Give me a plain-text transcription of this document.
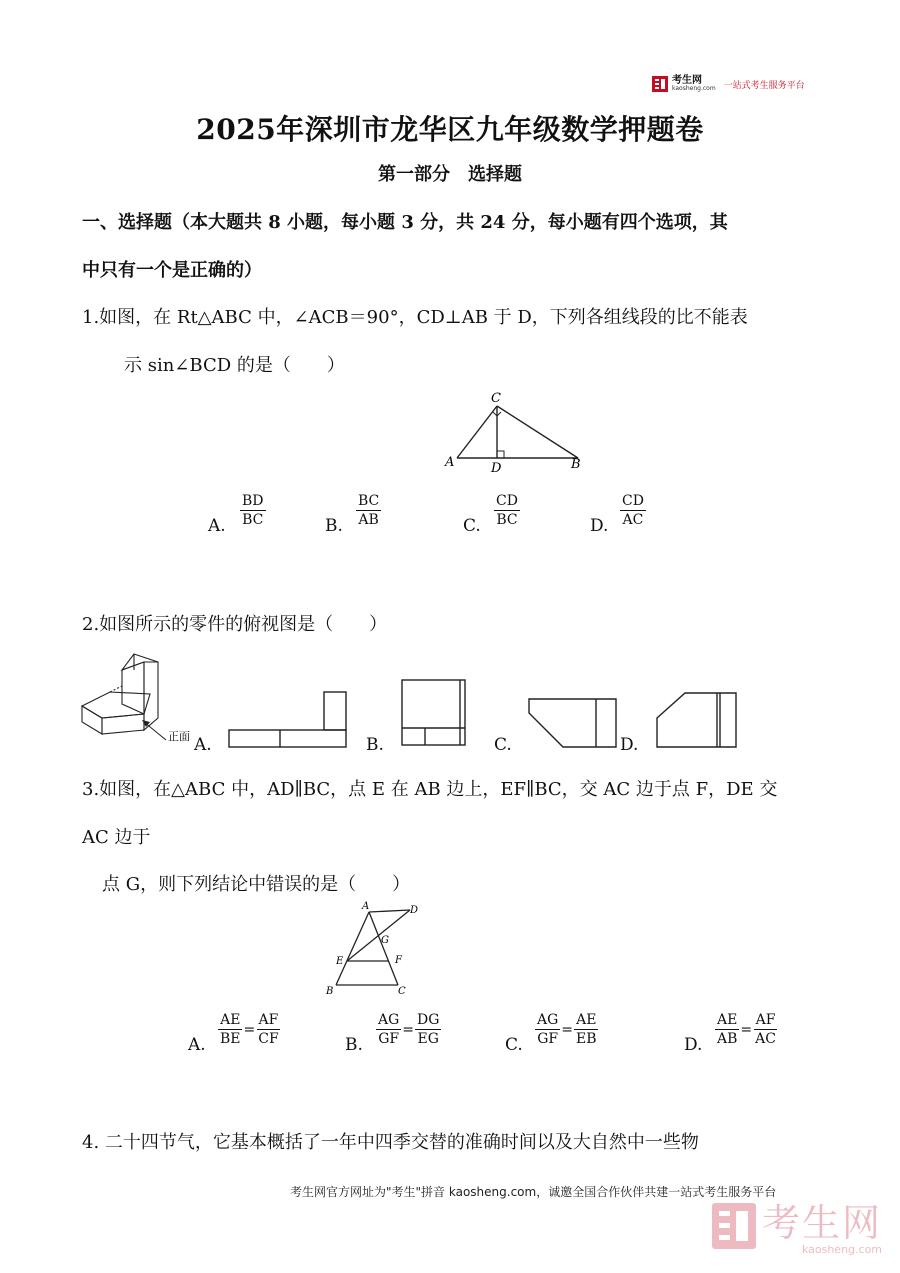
考生网
kaosheng.com 一站式考生服务平台
2025年深圳市龙华区九年级数学押题卷
第一部分　选择题
一、选择题（本大题共 8 小题，每小题 3 分，共 24 分，每小题有四个选项，其
中只有一个是正确的）
1.如图，在 Rt△ABC 中，∠ACB＝90°，CD⊥AB 于 D，下列各组线段的比不能表
示 sin∠BCD 的是（　　）
C
A	D	B
A. $\frac{BD}{BC}$	B. $\frac{BC}{AB}$	C. $\frac{CD}{BC}$	D. $\frac{CD}{AC}$
2.如图所示的零件的俯视图是（　　）
正面 A.	B.	C.	D.
3.如图，在△ABC 中，AD∥BC，点 E 在 AB 边上，EF∥BC，交 AC 边于点 F，DE 交
AC 边于
点 G，则下列结论中错误的是（　　）
A	D
G
E	F
B	C
A. $\frac{AE}{BE} = \frac{AF}{CF}$	B. $\frac{AG}{GF} = \frac{DG}{EG}$	C. $\frac{AG}{GF} = \frac{AE}{EB}$	D. $\frac{AE}{AB} = \frac{AF}{AC}$
4. 二十四节气，它基本概括了一年中四季交替的准确时间以及大自然中一些物
考生网官方网址为"考生"拼音 kaosheng.com，诚邀全国合作伙伴共建一站式考生服务平台
考生网
kaosheng.com
